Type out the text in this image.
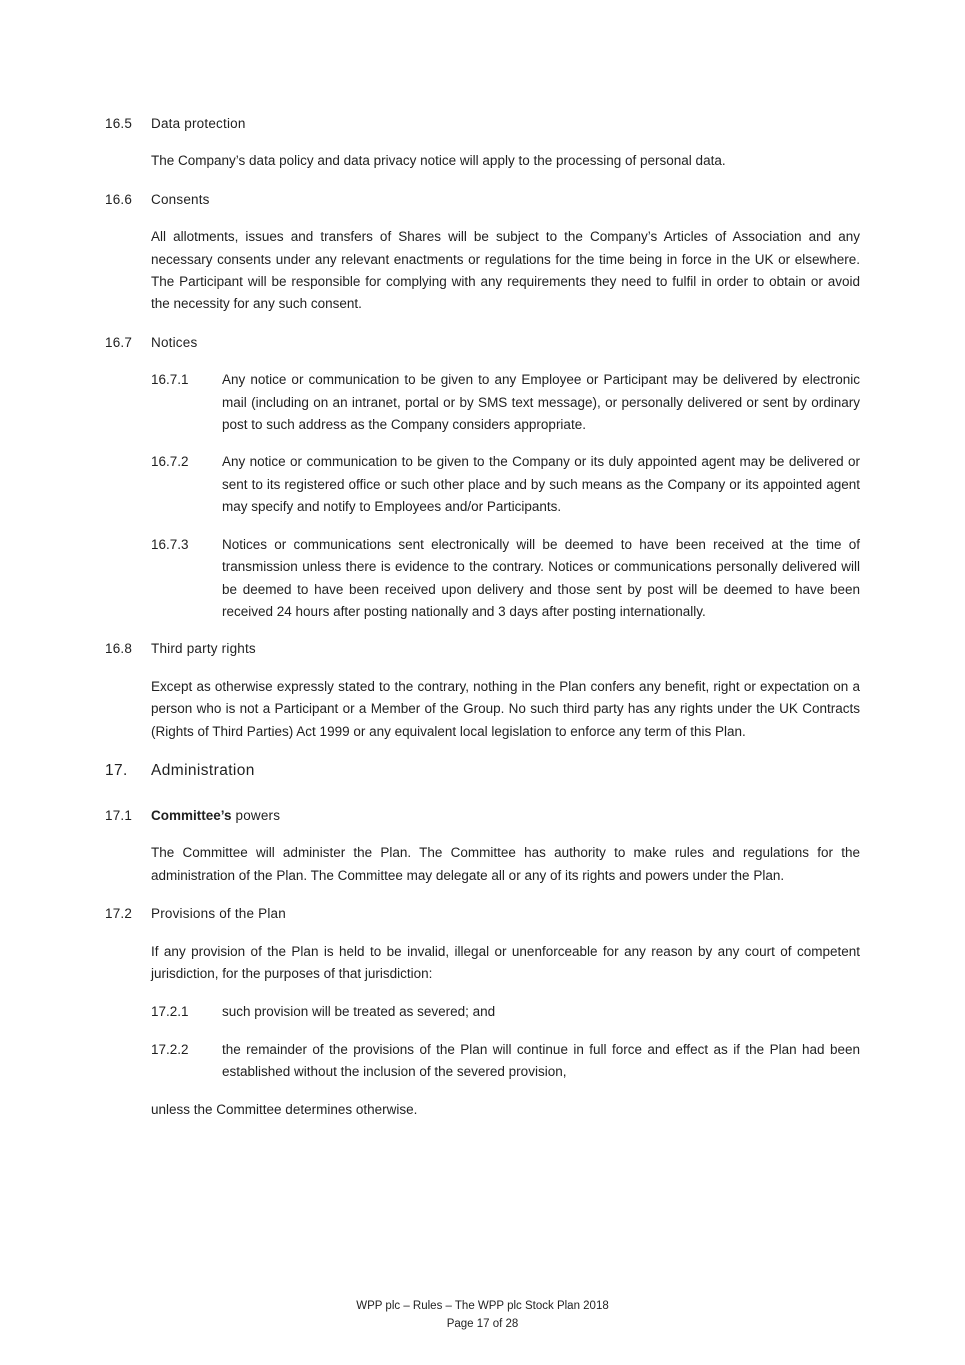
16.5	Data protection

The Company’s data policy and data privacy notice will apply to the processing of personal data.

16.6	Consents

All allotments, issues and transfers of Shares will be subject to the Company’s Articles of Association and any necessary consents under any relevant enactments or regulations for the time being in force in the UK or elsewhere. The Participant will be responsible for complying with any requirements they need to fulfil in order to obtain or avoid the necessity for any such consent.

16.7	Notices
16.7.1	Any notice or communication to be given to any Employee or Participant may be delivered by electronic mail (including on an intranet, portal or by SMS text message), or personally delivered or sent by ordinary post to such address as the Company considers appropriate.
16.7.2	Any notice or communication to be given to the Company or its duly appointed agent may be delivered or sent to its registered office or such other place and by such means as the Company or its appointed agent may specify and notify to Employees and/or Participants.
16.7.3	Notices or communications sent electronically will be deemed to have been received at the time of transmission unless there is evidence to the contrary. Notices or communications personally delivered will be deemed to have been received upon delivery and those sent by post will be deemed to have been received 24 hours after posting nationally and 3 days after posting internationally.
16.8	Third party rights

Except as otherwise expressly stated to the contrary, nothing in the Plan confers any benefit, right or expectation on a person who is not a Participant or a Member of the Group. No such third party has any rights under the UK Contracts (Rights of Third Parties) Act 1999 or any equivalent local legislation to enforce any term of this Plan.

17.	Administration
17.1	Committee’s powers

The Committee will administer the Plan. The Committee has authority to make rules and regulations for the administration of the Plan. The Committee may delegate all or any of its rights and powers under the Plan.

17.2	Provisions of the Plan

If any provision of the Plan is held to be invalid, illegal or unenforceable for any reason by any court of competent jurisdiction, for the purposes of that jurisdiction:

17.2.1	such provision will be treated as severed; and
17.2.2	the remainder of the provisions of the Plan will continue in full force and effect as if the Plan had been established without the inclusion of the severed provision,

unless the Committee determines otherwise.

WPP plc – Rules – The WPP plc Stock Plan 2018
Page 17 of 28
